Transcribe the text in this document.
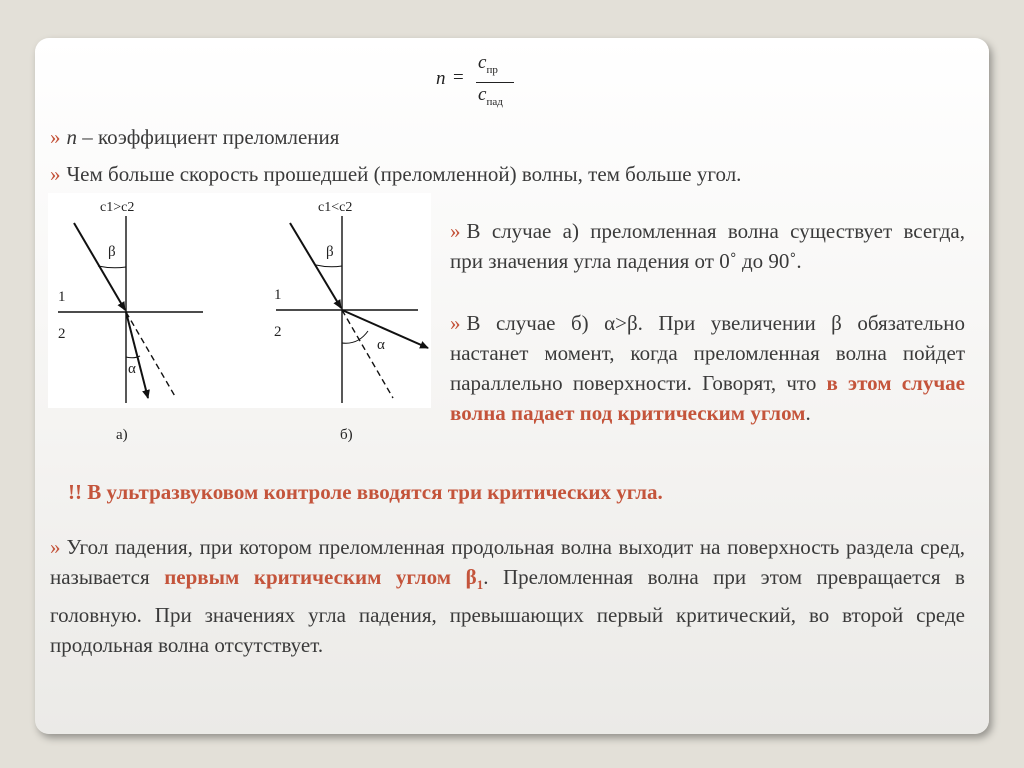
n =
$c_{пр}$
$c_{пад}$
» n – коэффициент преломления
» Чем больше скорость прошедшей (преломленной) волны, тем больше угол.
c1>c2
β
α
1
2
c1<c2
β
α
1
2
а)	б)
» В случае а) преломленная волна существует всегда, при значения угла падения от 0˚ до 90˚.
» В случае б) α>β. При увеличении β обязательно настанет момент, когда преломленная волна пойдет параллельно поверхности. Говорят, что в этом случае волна падает под критическим углом.
!! В ультразвуковом контроле вводятся три критических угла.
» Угол падения, при котором преломленная продольная волна выходит на поверхность раздела сред, называется первым критическим углом $\beta_1$. Преломленная волна при этом превращается в головную. При значениях угла падения, превышающих первый критический, во второй среде продольная волна отсутствует.
